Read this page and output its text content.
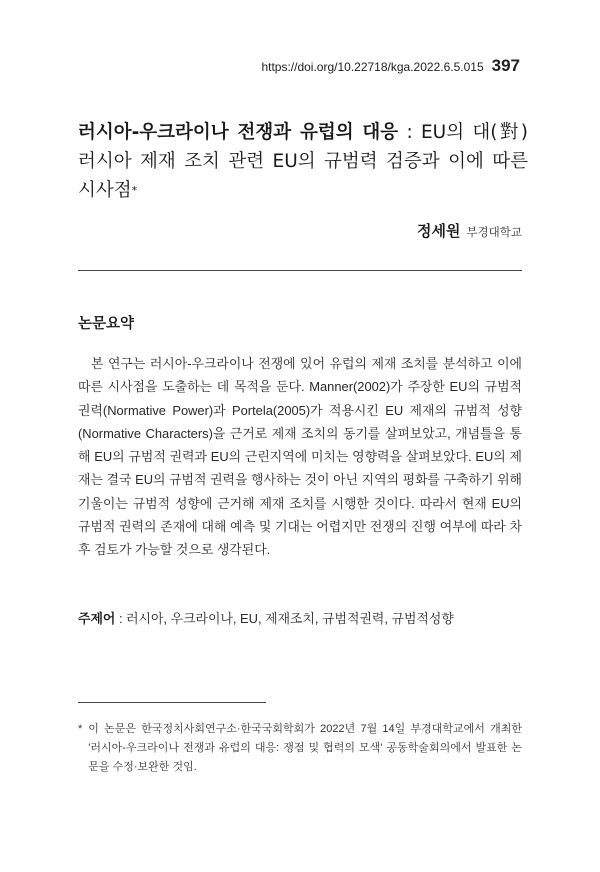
https://doi.org/10.22718/kga.2022.6.5.015 397
러시아-우크라이나 전쟁과 유럽의 대응 : EU의 대(對) 러시아 제재 조치 관련 EU의 규범력 검증과 이에 따른 시사점*
정세원 부경대학교
논문요약

본 연구는 러시아-우크라이나 전쟁에 있어 유럽의 제재 조치를 분석하고 이에 따른 시사점을 도출하는 데 목적을 둔다. Manner(2002)가 주장한 EU의 규범적 권력(Normative Power)과 Portela(2005)가 적용시킨 EU 제재의 규범적 성향(Normative Characters)을 근거로 제재 조치의 동기를 살펴보았고, 개념틀을 통해 EU의 규범적 권력과 EU의 근린지역에 미치는 영향력을 살펴보았다. EU의 제재는 결국 EU의 규범적 권력을 행사하는 것이 아닌 지역의 평화를 구축하기 위해 기울이는 규범적 성향에 근거해 제재 조치를 시행한 것이다. 따라서 현재 EU의 규범적 권력의 존재에 대해 예측 및 기대는 어렵지만 전쟁의 진행 여부에 따라 차후 검토가 가능할 것으로 생각된다.

주제어 : 러시아, 우크라이나, EU, 제재조치, 규범적권력, 규범적성향
* 이 논문은 한국정치사회연구소·한국국회학회가 2022년 7월 14일 부경대학교에서 개최한 '러시아-우크라이나 전쟁과 유럽의 대응: 쟁점 및 협력의 모색' 공동학술회의에서 발표한 논문을 수정·보완한 것임.
